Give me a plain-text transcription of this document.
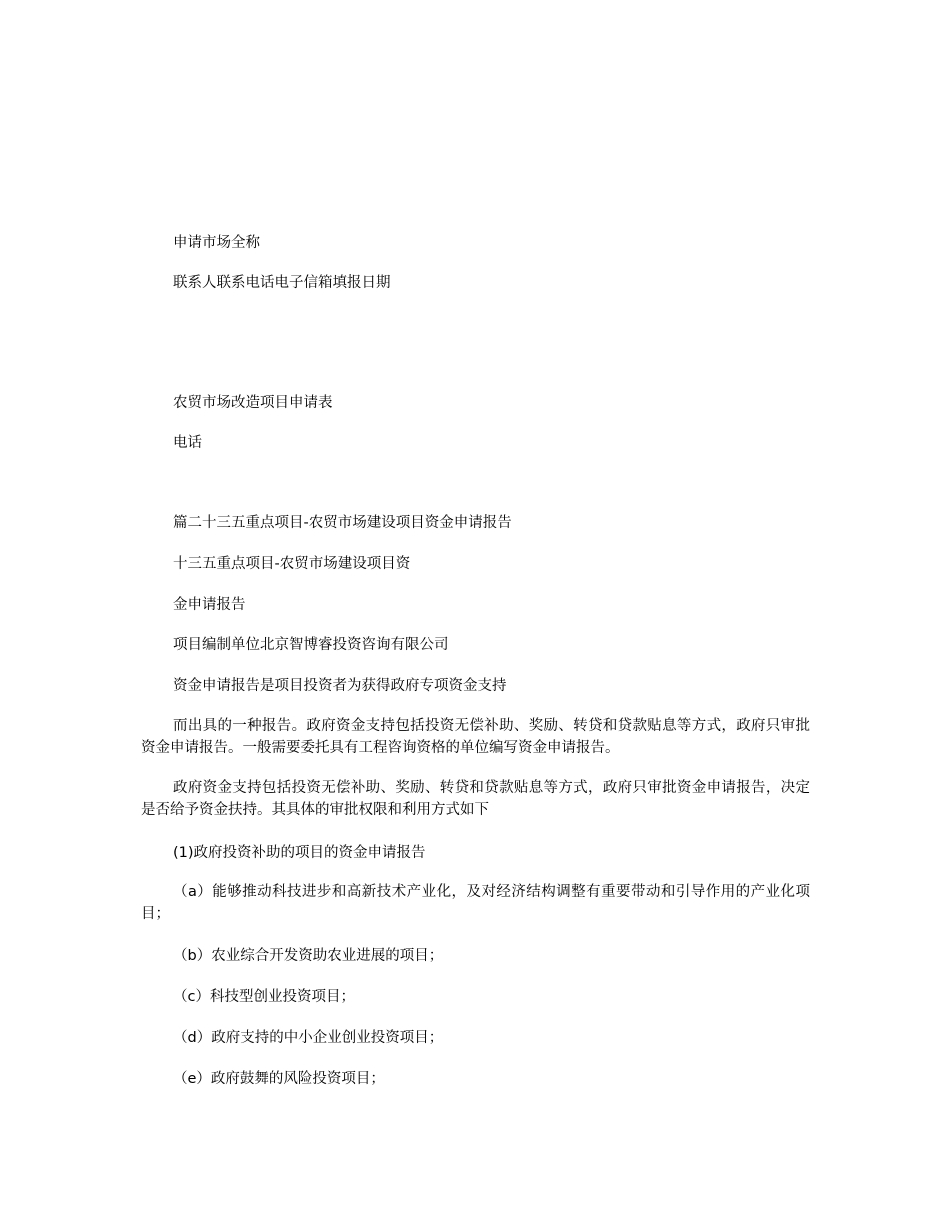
申请市场全称

联系人联系电话电子信箱填报日期

农贸市场改造项目申请表

电话

篇二十三五重点项目-农贸市场建设项目资金申请报告

十三五重点项目-农贸市场建设项目资

金申请报告

项目编制单位北京智博睿投资咨询有限公司

资金申请报告是项目投资者为获得政府专项资金支持

而出具的一种报告。政府资金支持包括投资无偿补助、奖励、转贷和贷款贴息等方式，政府只审批资金申请报告。一般需要委托具有工程咨询资格的单位编写资金申请报告。

政府资金支持包括投资无偿补助、奖励、转贷和贷款贴息等方式，政府只审批资金申请报告，决定是否给予资金扶持。其具体的审批权限和利用方式如下

(1)政府投资补助的项目的资金申请报告

（a）能够推动科技进步和高新技术产业化，及对经济结构调整有重要带动和引导作用的产业化项目；

（b）农业综合开发资助农业进展的项目；

（c）科技型创业投资项目；

（d）政府支持的中小企业创业投资项目；

（e）政府鼓舞的风险投资项目；
